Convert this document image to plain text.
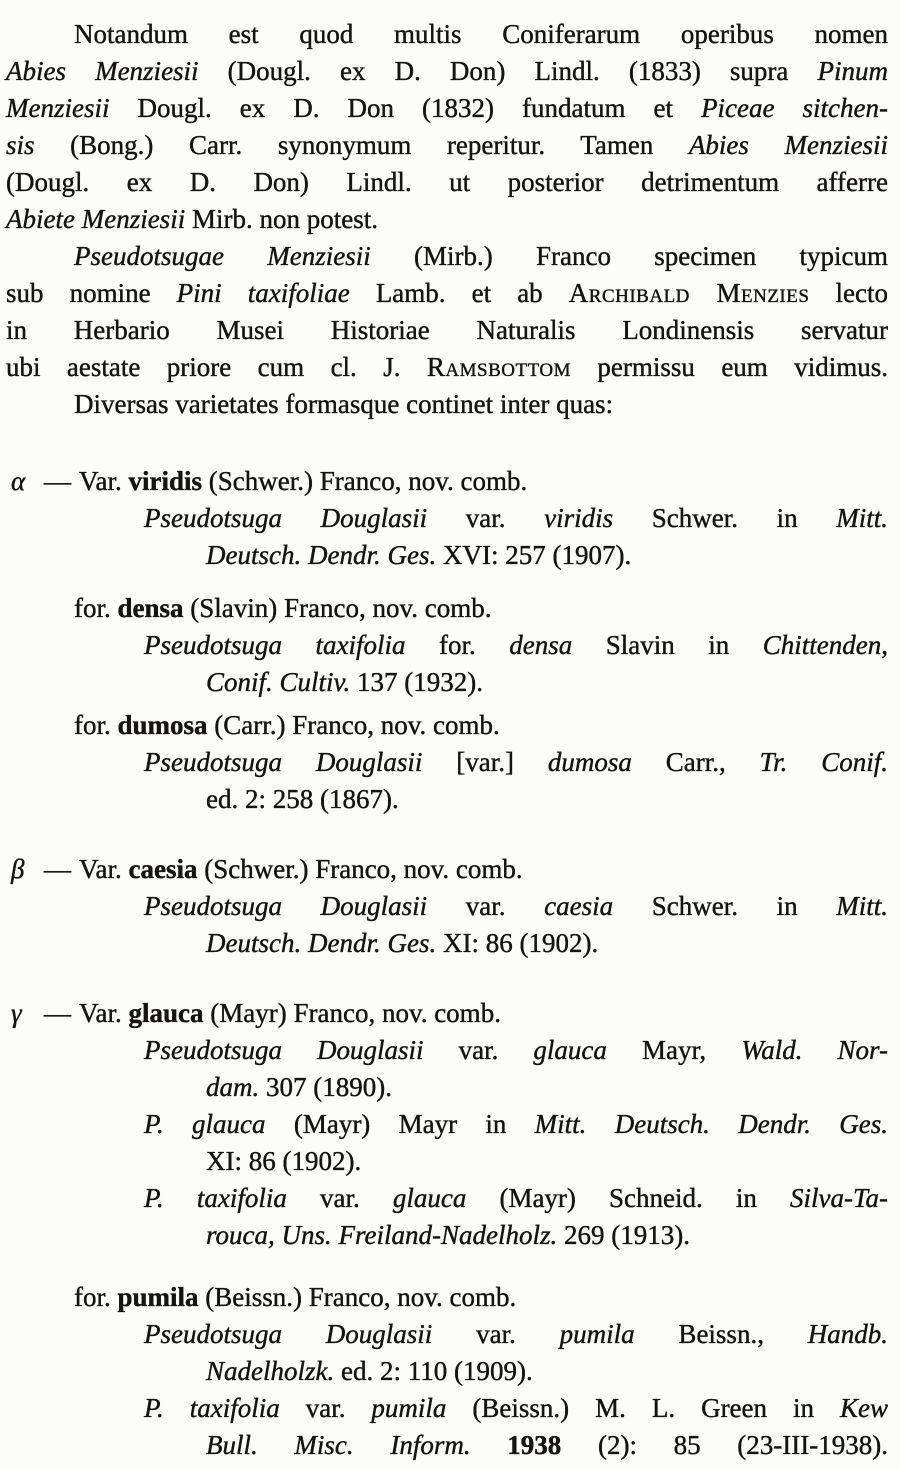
Notandum est quod multis Coniferarum operibus nomen
Abies Menziesii (Dougl. ex D. Don) Lindl. (1833) supra Pinum
Menziesii Dougl. ex D. Don (1832) fundatum et Piceae sitchen-
sis (Bong.) Carr. synonymum reperitur. Tamen Abies Menziesii
(Dougl. ex D. Don) Lindl. ut posterior detrimentum afferre
Abiete Menziesii Mirb. non potest.
Pseudotsugae Menziesii (Mirb.) Franco specimen typicum
sub nomine Pini taxifoliae Lamb. et ab Archibald Menzies lecto
in Herbario Musei Historiae Naturalis Londinensis servatur
ubi aestate priore cum cl. J. Ramsbottom permissu eum vidimus.
Diversas varietates formasque continet inter quas:
α — Var. viridis (Schwer.) Franco, nov. comb.
Pseudotsuga Douglasii var. viridis Schwer. in Mitt.
Deutsch. Dendr. Ges. XVI: 257 (1907).
for. densa (Slavin) Franco, nov. comb.
Pseudotsuga taxifolia for. densa Slavin in Chittenden,
Conif. Cultiv. 137 (1932).
for. dumosa (Carr.) Franco, nov. comb.
Pseudotsuga Douglasii [var.] dumosa Carr., Tr. Conif.
ed. 2: 258 (1867).
β — Var. caesia (Schwer.) Franco, nov. comb.
Pseudotsuga Douglasii var. caesia Schwer. in Mitt.
Deutsch. Dendr. Ges. XI: 86 (1902).
γ — Var. glauca (Mayr) Franco, nov. comb.
Pseudotsuga Douglasii var. glauca Mayr, Wald. Nor-
dam. 307 (1890).
P. glauca (Mayr) Mayr in Mitt. Deutsch. Dendr. Ges.
XI: 86 (1902).
P. taxifolia var. glauca (Mayr) Schneid. in Silva-Ta-
rouca, Uns. Freiland-Nadelholz. 269 (1913).
for. pumila (Beissn.) Franco, nov. comb.
Pseudotsuga Douglasii var. pumila Beissn., Handb.
Nadelholzk. ed. 2: 110 (1909).
P. taxifolia var. pumila (Beissn.) M. L. Green in Kew
Bull. Misc. Inform. 1938 (2): 85 (23-III-1938).
